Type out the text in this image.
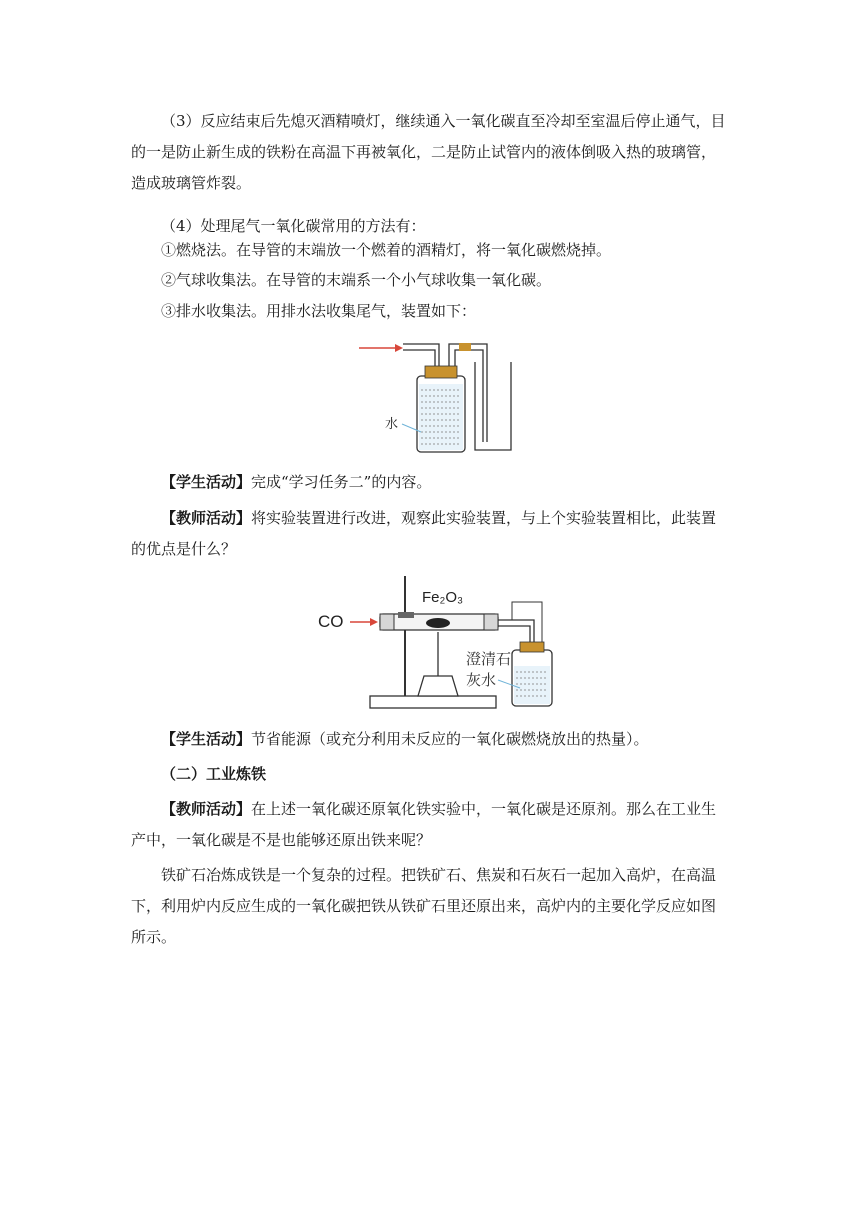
（3）反应结束后先熄灭酒精喷灯，继续通入一氧化碳直至冷却至室温后停止通气，目的一是防止新生成的铁粉在高温下再被氧化，二是防止试管内的液体倒吸入热的玻璃管，造成玻璃管炸裂。

（4）处理尾气一氧化碳常用的方法有：

①燃烧法。在导管的末端放一个燃着的酒精灯，将一氧化碳燃烧掉。

②气球收集法。在导管的末端系一个小气球收集一氧化碳。

③排水收集法。用排水法收集尾气，装置如下：

水

【学生活动】完成“学习任务二”的内容。

【教师活动】将实验装置进行改进，观察此实验装置，与上个实验装置相比，此装置的优点是什么？

CO
Fe₂O₃
澄清石
灰水

【学生活动】节省能源（或充分利用未反应的一氧化碳燃烧放出的热量）。

（二）工业炼铁

【教师活动】在上述一氧化碳还原氧化铁实验中，一氧化碳是还原剂。那么在工业生产中，一氧化碳是不是也能够还原出铁来呢？

铁矿石冶炼成铁是一个复杂的过程。把铁矿石、焦炭和石灰石一起加入高炉，在高温下，利用炉内反应生成的一氧化碳把铁从铁矿石里还原出来，高炉内的主要化学反应如图所示。
